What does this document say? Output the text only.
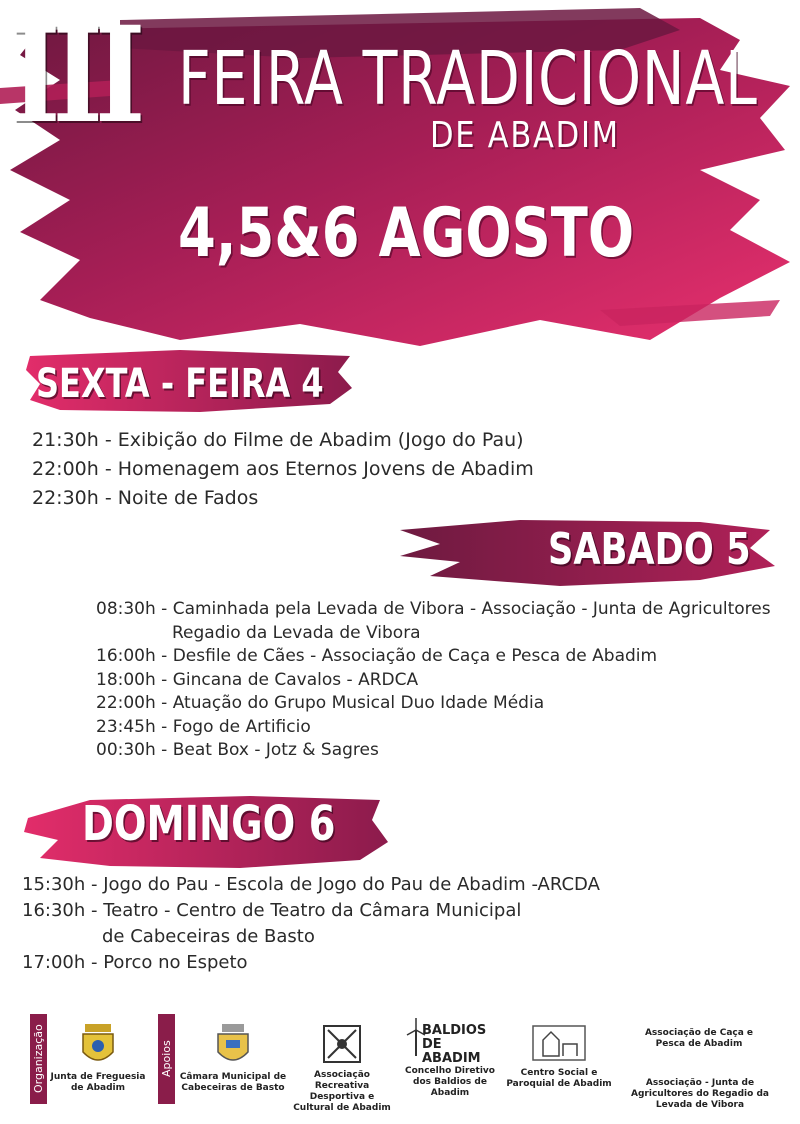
III FEIRA TRADICIONAL
DE ABADIM
4,5&6 AGOSTO
SEXTA - FEIRA 4
21:30h - Exibição do Filme de Abadim (Jogo do Pau)
22:00h - Homenagem aos Eternos Jovens de Abadim
22:30h - Noite de Fados
SABADO 5
08:30h - Caminhada pela Levada de Vibora - Associação - Junta de Agricultores
Regadio da Levada de Vibora
16:00h - Desfile de Cães - Associação de Caça e Pesca de Abadim
18:00h - Gincana de Cavalos - ARDCA
22:00h - Atuação do Grupo Musical Duo Idade Média
23:45h - Fogo de Artificio
00:30h - Beat Box - Jotz & Sagres
DOMINGO 6
15:30h - Jogo do Pau - Escola de Jogo do Pau de Abadim -ARCDA
16:30h - Teatro - Centro de Teatro da Câmara Municipal
de Cabeceiras de Basto
17:00h - Porco no Espeto
Organização	Apoios
Junta de Freguesia de Abadim
Câmara Municipal de Cabeceiras de Basto
Associação Recreativa Desportiva e Cultural de Abadim
BALDIOS DE ABADIM
Concelho Diretivo dos Baldios de Abadim
Centro Social e Paroquial de Abadim
Associação de Caça e Pesca de Abadim
Associação - Junta de Agricultores do Regadio da Levada de Vibora
